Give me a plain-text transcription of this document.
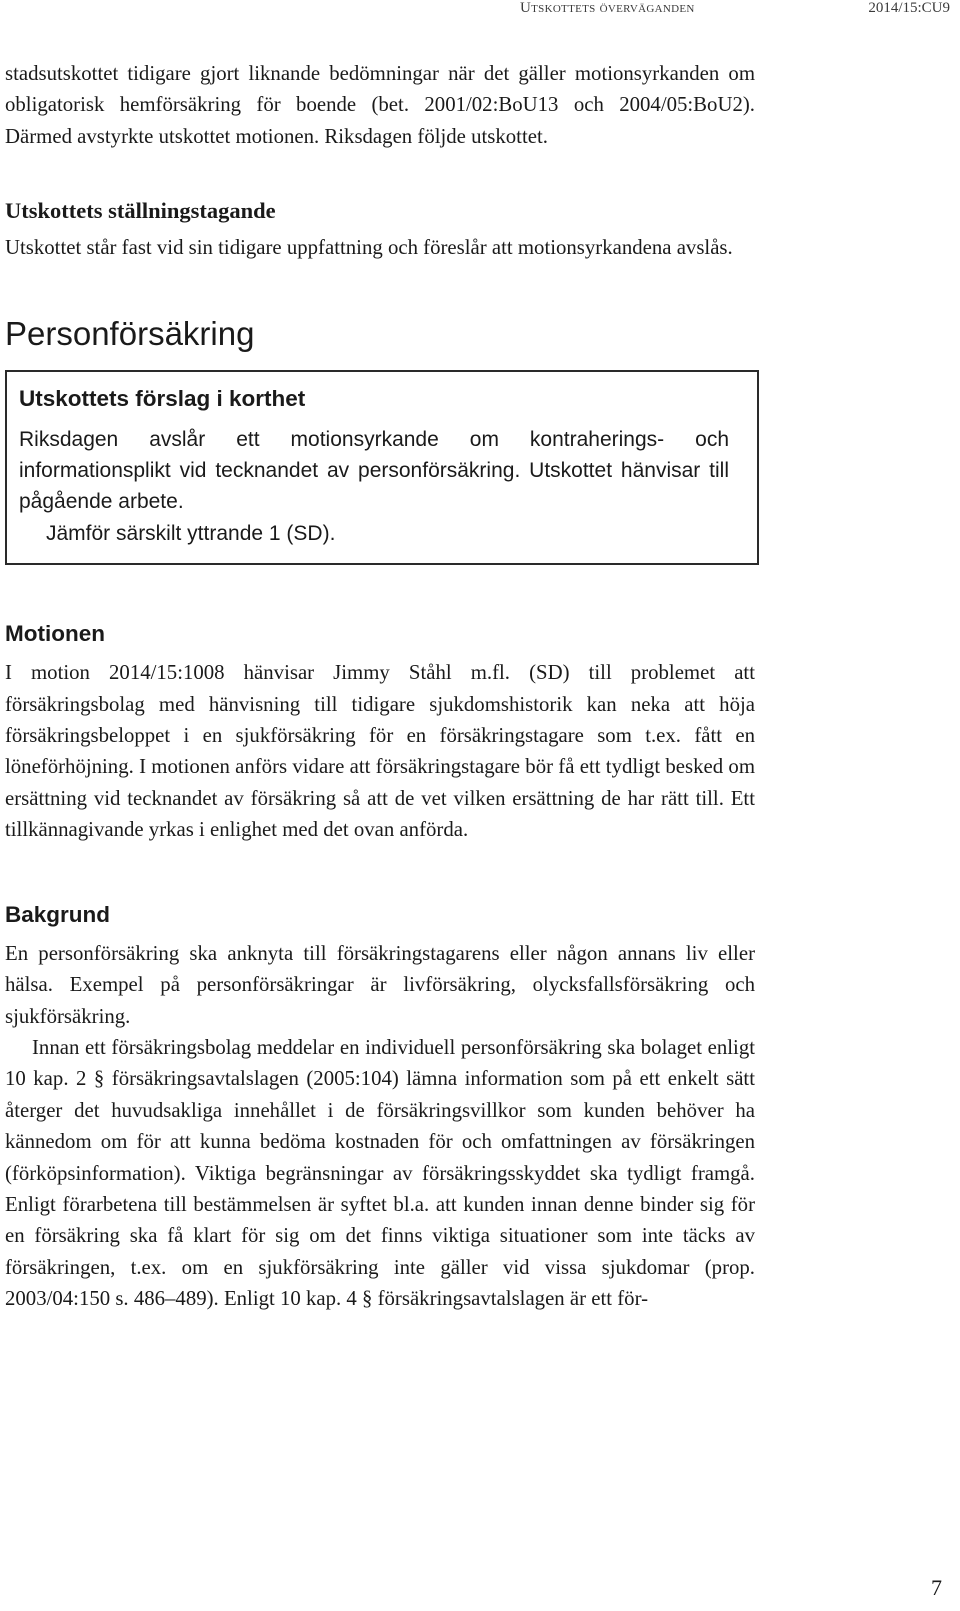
Utskottets överväganden	2014/15:CU9

stadsutskottet tidigare gjort liknande bedömningar när det gäller motionsyrkanden om obligatorisk hemförsäkring för boende (bet. 2001/02:BoU13 och 2004/05:BoU2). Därmed avstyrkte utskottet motionen. Riksdagen följde utskottet.

Utskottets ställningstagande

Utskottet står fast vid sin tidigare uppfattning och föreslår att motionsyrkandena avslås.

Personförsäkring
Utskottets förslag i korthet

Riksdagen avslår ett motionsyrkande om kontraherings- och informationsplikt vid tecknandet av personförsäkring. Utskottet hänvisar till pågående arbete.

Jämför särskilt yttrande 1 (SD).

Motionen

I motion 2014/15:1008 hänvisar Jimmy Ståhl m.fl. (SD) till problemet att försäkringsbolag med hänvisning till tidigare sjukdomshistorik kan neka att höja försäkringsbeloppet i en sjukförsäkring för en försäkringstagare som t.ex. fått en löneförhöjning. I motionen anförs vidare att försäkringstagare bör få ett tydligt besked om ersättning vid tecknandet av försäkring så att de vet vilken ersättning de har rätt till. Ett tillkännagivande yrkas i enlighet med det ovan anförda.

Bakgrund

En personförsäkring ska anknyta till försäkringstagarens eller någon annans liv eller hälsa. Exempel på personförsäkringar är livförsäkring, olycksfallsförsäkring och sjukförsäkring.

Innan ett försäkringsbolag meddelar en individuell personförsäkring ska bolaget enligt 10 kap. 2 § försäkringsavtalslagen (2005:104) lämna information som på ett enkelt sätt återger det huvudsakliga innehållet i de försäkringsvillkor som kunden behöver ha kännedom om för att kunna bedöma kostnaden för och omfattningen av försäkringen (förköpsinformation). Viktiga begränsningar av försäkringsskyddet ska tydligt framgå. Enligt förarbetena till bestämmelsen är syftet bl.a. att kunden innan denne binder sig för en försäkring ska få klart för sig om det finns viktiga situationer som inte täcks av försäkringen, t.ex. om en sjukförsäkring inte gäller vid vissa sjukdomar (prop. 2003/04:150 s. 486–489). Enligt 10 kap. 4 § försäkringsavtalslagen är ett för-

7
